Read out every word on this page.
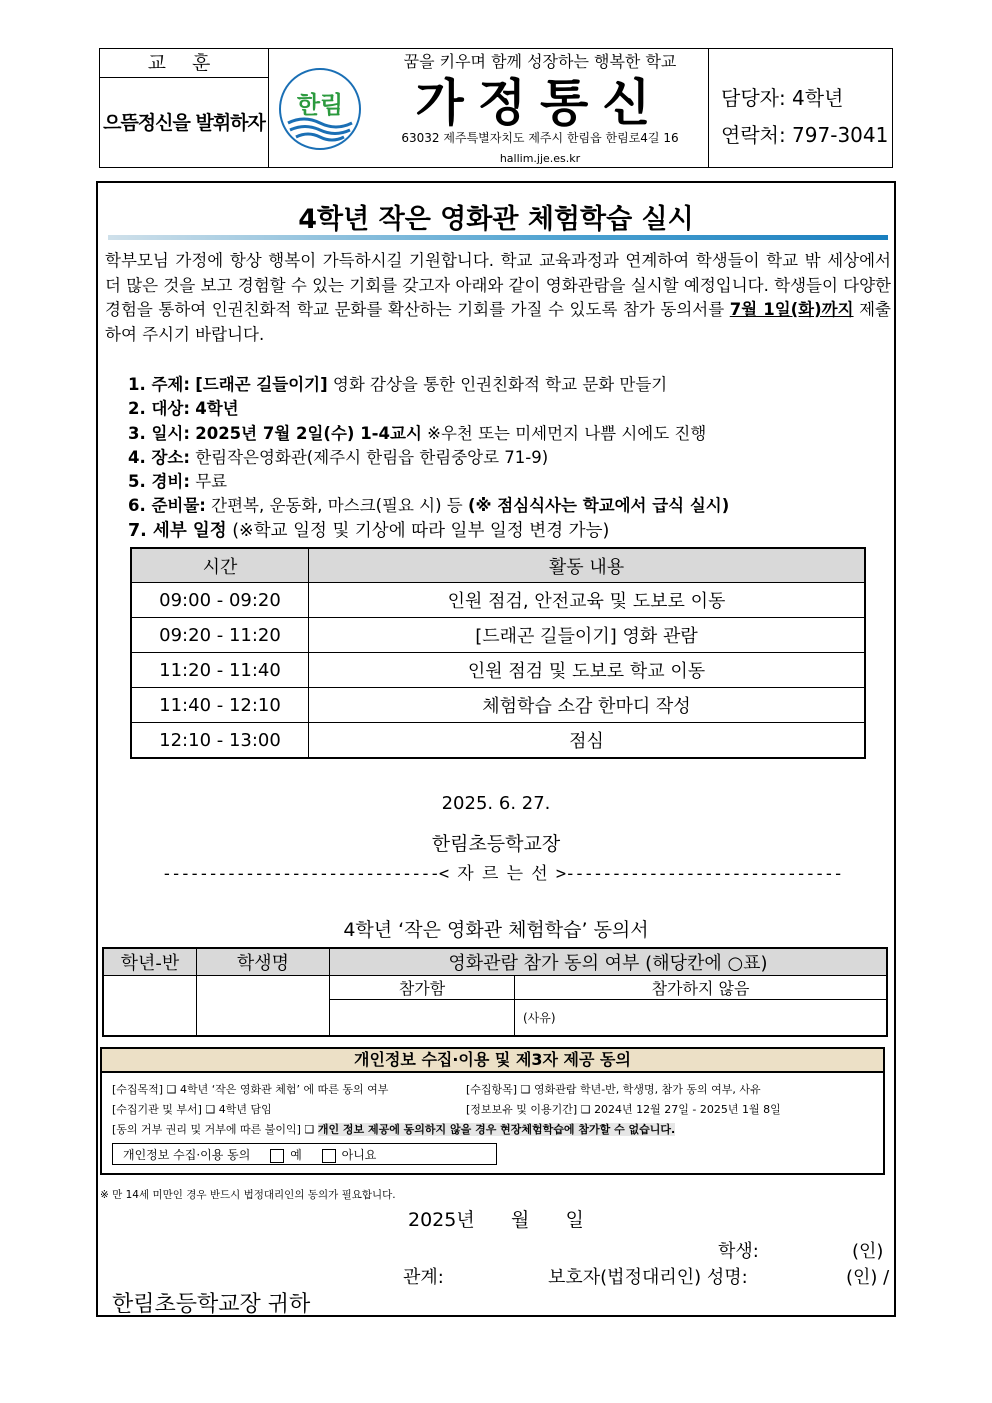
교 훈
으뜸정신을 발휘하자
한림
꿈을 키우며 함께 성장하는 행복한 학교
가정통신
63032 제주특별자치도 제주시 한림읍 한림로4길 16
hallim.jje.es.kr
담당자: 4학년
연락처: 797-3041
4학년 작은 영화관 체험학습 실시
학부모님 가정에 항상 행복이 가득하시길 기원합니다. 학교 교육과정과 연계하여 학생들이 학교 밖 세상에서 더 많은 것을 보고 경험할 수 있는 기회를 갖고자 아래와 같이 영화관람을 실시할 예정입니다. 학생들이 다양한 경험을 통하여 인권친화적 학교 문화를 확산하는 기회를 가질 수 있도록 참가 동의서를 7월 1일(화)까지 제출하여 주시기 바랍니다.
1. 주제: [드래곤 길들이기] 영화 감상을 통한 인권친화적 학교 문화 만들기
2. 대상: 4학년
3. 일시: 2025년 7월 2일(수) 1-4교시 ※우천 또는 미세먼지 나쁨 시에도 진행
4. 장소: 한림작은영화관(제주시 한림읍 한림중앙로 71-9)
5. 경비: 무료
6. 준비물: 간편복, 운동화, 마스크(필요 시) 등 (※ 점심식사는 학교에서 급식 실시)
7. 세부 일정 (※학교 일정 및 기상에 따라 일부 일정 변경 가능)
시간	활동 내용
09:00 - 09:20	인원 점검, 안전교육 및 도보로 이동
09:20 - 11:20	[드래곤 길들이기] 영화 관람
11:20 - 11:40	인원 점검 및 도보로 학교 이동
11:40 - 12:10	체험학습 소감 한마디 작성
12:10 - 13:00	점심
2025. 6. 27.
한림초등학교장
------------------------------< 자 르 는 선 >------------------------------
4학년 ‘작은 영화관 체험학습’ 동의서
학년-반	학생명	영화관람 참가 동의 여부 (해당칸에 ○표)	
		참가함	참가하지 않음
			(사유)
개인정보 수집·이용 및 제3자 제공 동의
[수집목적] ❑ 4학년 ‘작은 영화관 체험’ 에 따른 동의 여부	[수집항목] ❑ 영화관람 학년-반, 학생명, 참가 동의 여부, 사유
[수집기관 및 부서] ❑ 4학년 담임	[정보보유 및 이용기간] ❑ 2024년 12월 27일 - 2025년 1월 8일
[동의 거부 권리 및 거부에 따른 불이익] ❑ 개인 정보 제공에 동의하지 않을 경우 현장체험학습에 참가할 수 없습니다.
개인정보 수집·이용 동의	예	아니요
※ 만 14세 미만인 경우 반드시 법정대리인의 동의가 필요합니다.
2025년      월      일
학생:	(인)
관계:	보호자(법정대리인) 성명:	(인) /
한림초등학교장 귀하
